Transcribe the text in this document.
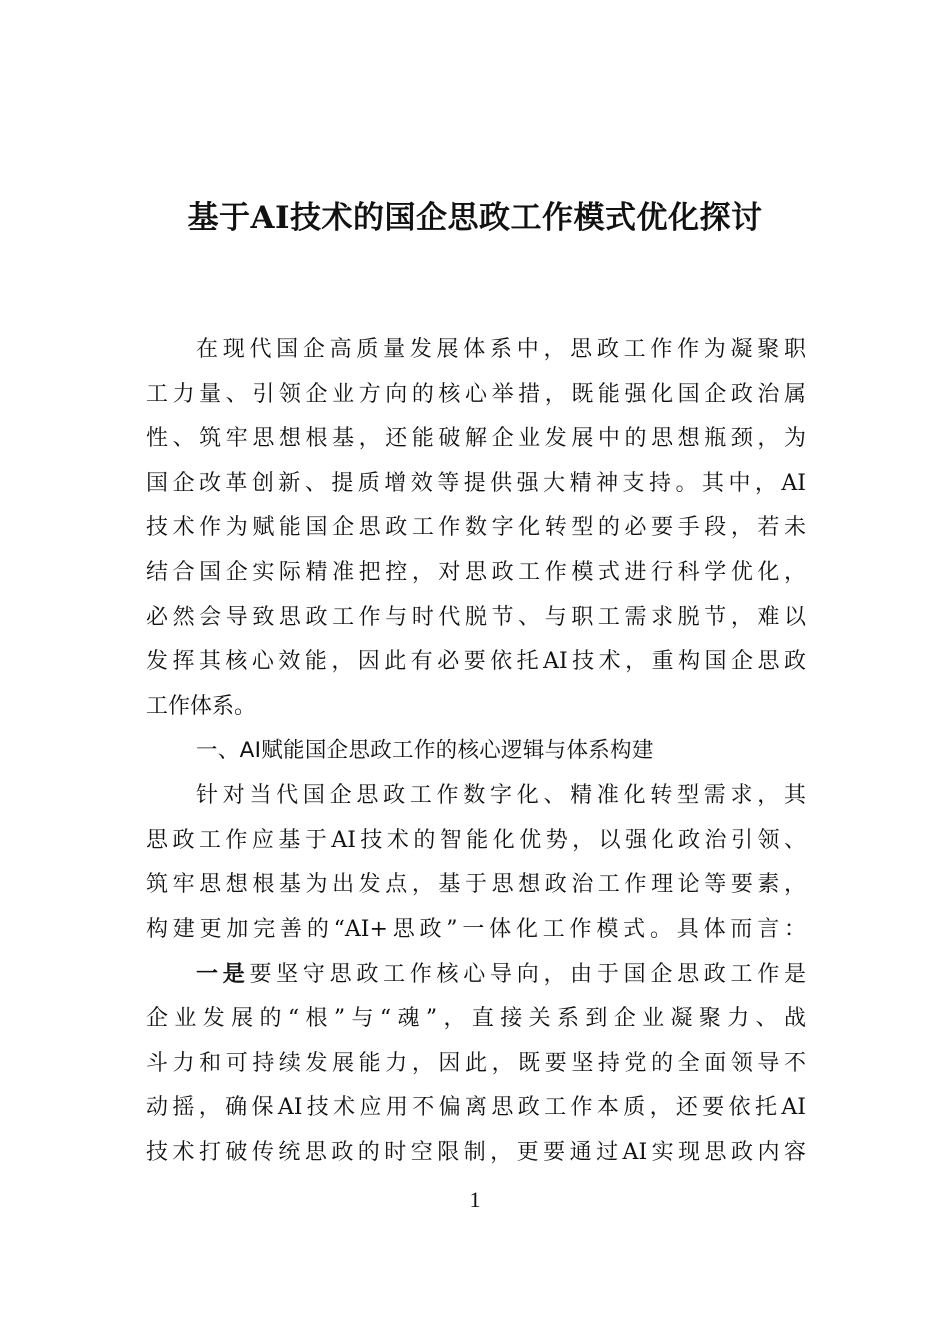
基于AI技术的国企思政工作模式优化探讨
在现代国企高质量发展体系中，思政工作作为凝聚职
工力量、引领企业方向的核心举措，既能强化国企政治属
性、筑牢思想根基，还能破解企业发展中的思想瓶颈，为
国企改革创新、提质增效等提供强大精神支持。其中，AI
技术作为赋能国企思政工作数字化转型的必要手段，若未
结合国企实际精准把控，对思政工作模式进行科学优化，
必然会导致思政工作与时代脱节、与职工需求脱节，难以
发挥其核心效能，因此有必要依托AI技术，重构国企思政
工作体系。
一、AI赋能国企思政工作的核心逻辑与体系构建
针对当代国企思政工作数字化、精准化转型需求，其
思政工作应基于AI技术的智能化优势，以强化政治引领、
筑牢思想根基为出发点，基于思想政治工作理论等要素，
构建更加完善的“AI+思政”一体化工作模式。具体而言：
一是要坚守思政工作核心导向，由于国企思政工作是
企业发展的“根”与“魂”，直接关系到企业凝聚力、战
斗力和可持续发展能力，因此，既要坚持党的全面领导不
动摇，确保AI技术应用不偏离思政工作本质，还要依托AI
技术打破传统思政的时空限制，更要通过AI实现思政内容
1
